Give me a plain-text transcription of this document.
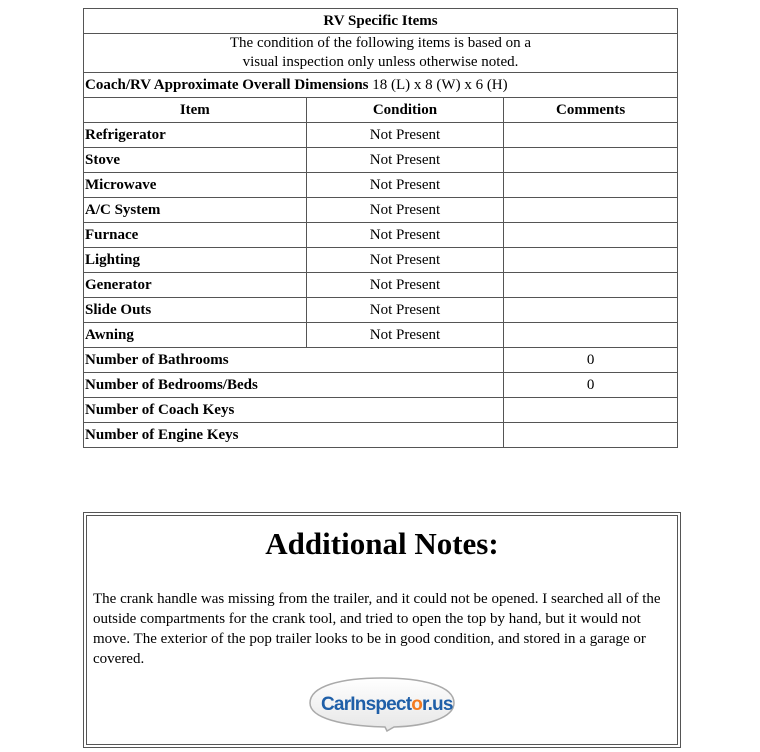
RV Specific Items		
The condition of the following items is based on a
visual inspection only unless otherwise noted.		
Coach/RV Approximate Overall Dimensions 18 (L) x 8 (W) x 6 (H)		
Item	Condition	Comments
Refrigerator	Not Present	
Stove	Not Present	
Microwave	Not Present	
A/C System	Not Present	
Furnace	Not Present	
Lighting	Not Present	
Generator	Not Present	
Slide Outs	Not Present	
Awning	Not Present	
Number of Bathrooms		0
Number of Bedrooms/Beds		0
Number of Coach Keys		
Number of Engine Keys		
Additional Notes:

The crank handle was missing from the trailer, and it could not be opened. I searched all of the outside compartments for the crank tool, and tried to open the top by hand, but it would not move. The exterior of the pop trailer looks to be in good condition, and stored in a garage or covered.

CarInspector.us
